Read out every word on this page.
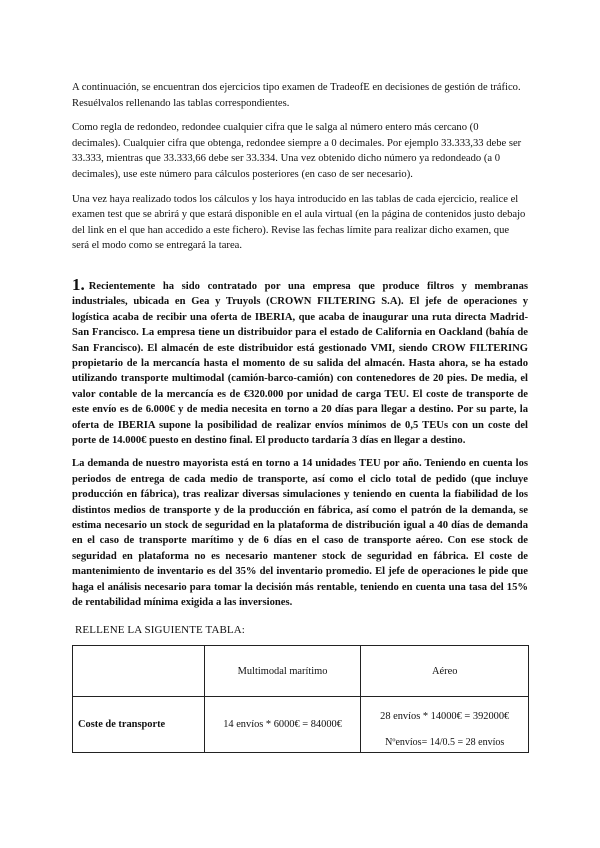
A continuación, se encuentran dos ejercicios tipo examen de TradeofE en decisiones de gestión de tráfico. Resuélvalos rellenando las tablas correspondientes.

Como regla de redondeo, redondee cualquier cifra que le salga al número entero más cercano (0 decimales). Cualquier cifra que obtenga, redondee siempre a 0 decimales. Por ejemplo 33.333,33 debe ser 33.333, mientras que 33.333,66 debe ser 33.334. Una vez obtenido dicho número ya redondeado (a 0 decimales), use este número para cálculos posteriores (en caso de ser necesario).

Una vez haya realizado todos los cálculos y los haya introducido en las tablas de cada ejercicio, realice el examen test que se abrirá y que estará disponible en el aula virtual (en la página de contenidos justo debajo del link en el que han accedido a este fichero). Revise las fechas límite para realizar dicho examen, que será el modo como se entregará la tarea.

1. Recientemente ha sido contratado por una empresa que produce filtros y membranas industriales, ubicada en Gea y Truyols (CROWN FILTERING S.A). El jefe de operaciones y logística acaba de recibir una oferta de IBERIA, que acaba de inaugurar una ruta directa Madrid-San Francisco. La empresa tiene un distribuidor para el estado de California en Oackland (bahía de San Francisco). El almacén de este distribuidor está gestionado VMI, siendo CROW FILTERING propietario de la mercancía hasta el momento de su salida del almacén. Hasta ahora, se ha estado utilizando transporte multimodal (camión-barco-camión) con contenedores de 20 pies. De media, el valor contable de la mercancía es de €320.000 por unidad de carga TEU. El coste de transporte de este envío es de 6.000€ y de media necesita en torno a 20 días para llegar a destino. Por su parte, la oferta de IBERIA supone la posibilidad de realizar envíos mínimos de 0,5 TEUs con un coste del porte de 14.000€ puesto en destino final. El producto tardaría 3 días en llegar a destino.

La demanda de nuestro mayorista está en torno a 14 unidades TEU por año. Teniendo en cuenta los periodos de entrega de cada medio de transporte, así como el ciclo total de pedido (que incluye producción en fábrica), tras realizar diversas simulaciones y teniendo en cuenta la fiabilidad de los distintos medios de transporte y de la producción en fábrica, así como el patrón de la demanda, se estima necesario un stock de seguridad en la plataforma de distribución igual a 40 días de demanda en el caso de transporte marítimo y de 6 días en el caso de transporte aéreo. Con ese stock de seguridad en plataforma no es necesario mantener stock de seguridad en fábrica. El coste de mantenimiento de inventario es del 35% del inventario promedio. El jefe de operaciones le pide que haga el análisis necesario para tomar la decisión más rentable, teniendo en cuenta una tasa del 15% de rentabilidad mínima exigida a las inversiones.

RELLENE LA SIGUIENTE TABLA:

	Multimodal marítimo	Aéreo
Coste de transporte	14 envíos * 6000€ = 84000€	28 envíos * 14000€ = 392000€
Nºenvíos= 14/0.5 = 28 envíos
